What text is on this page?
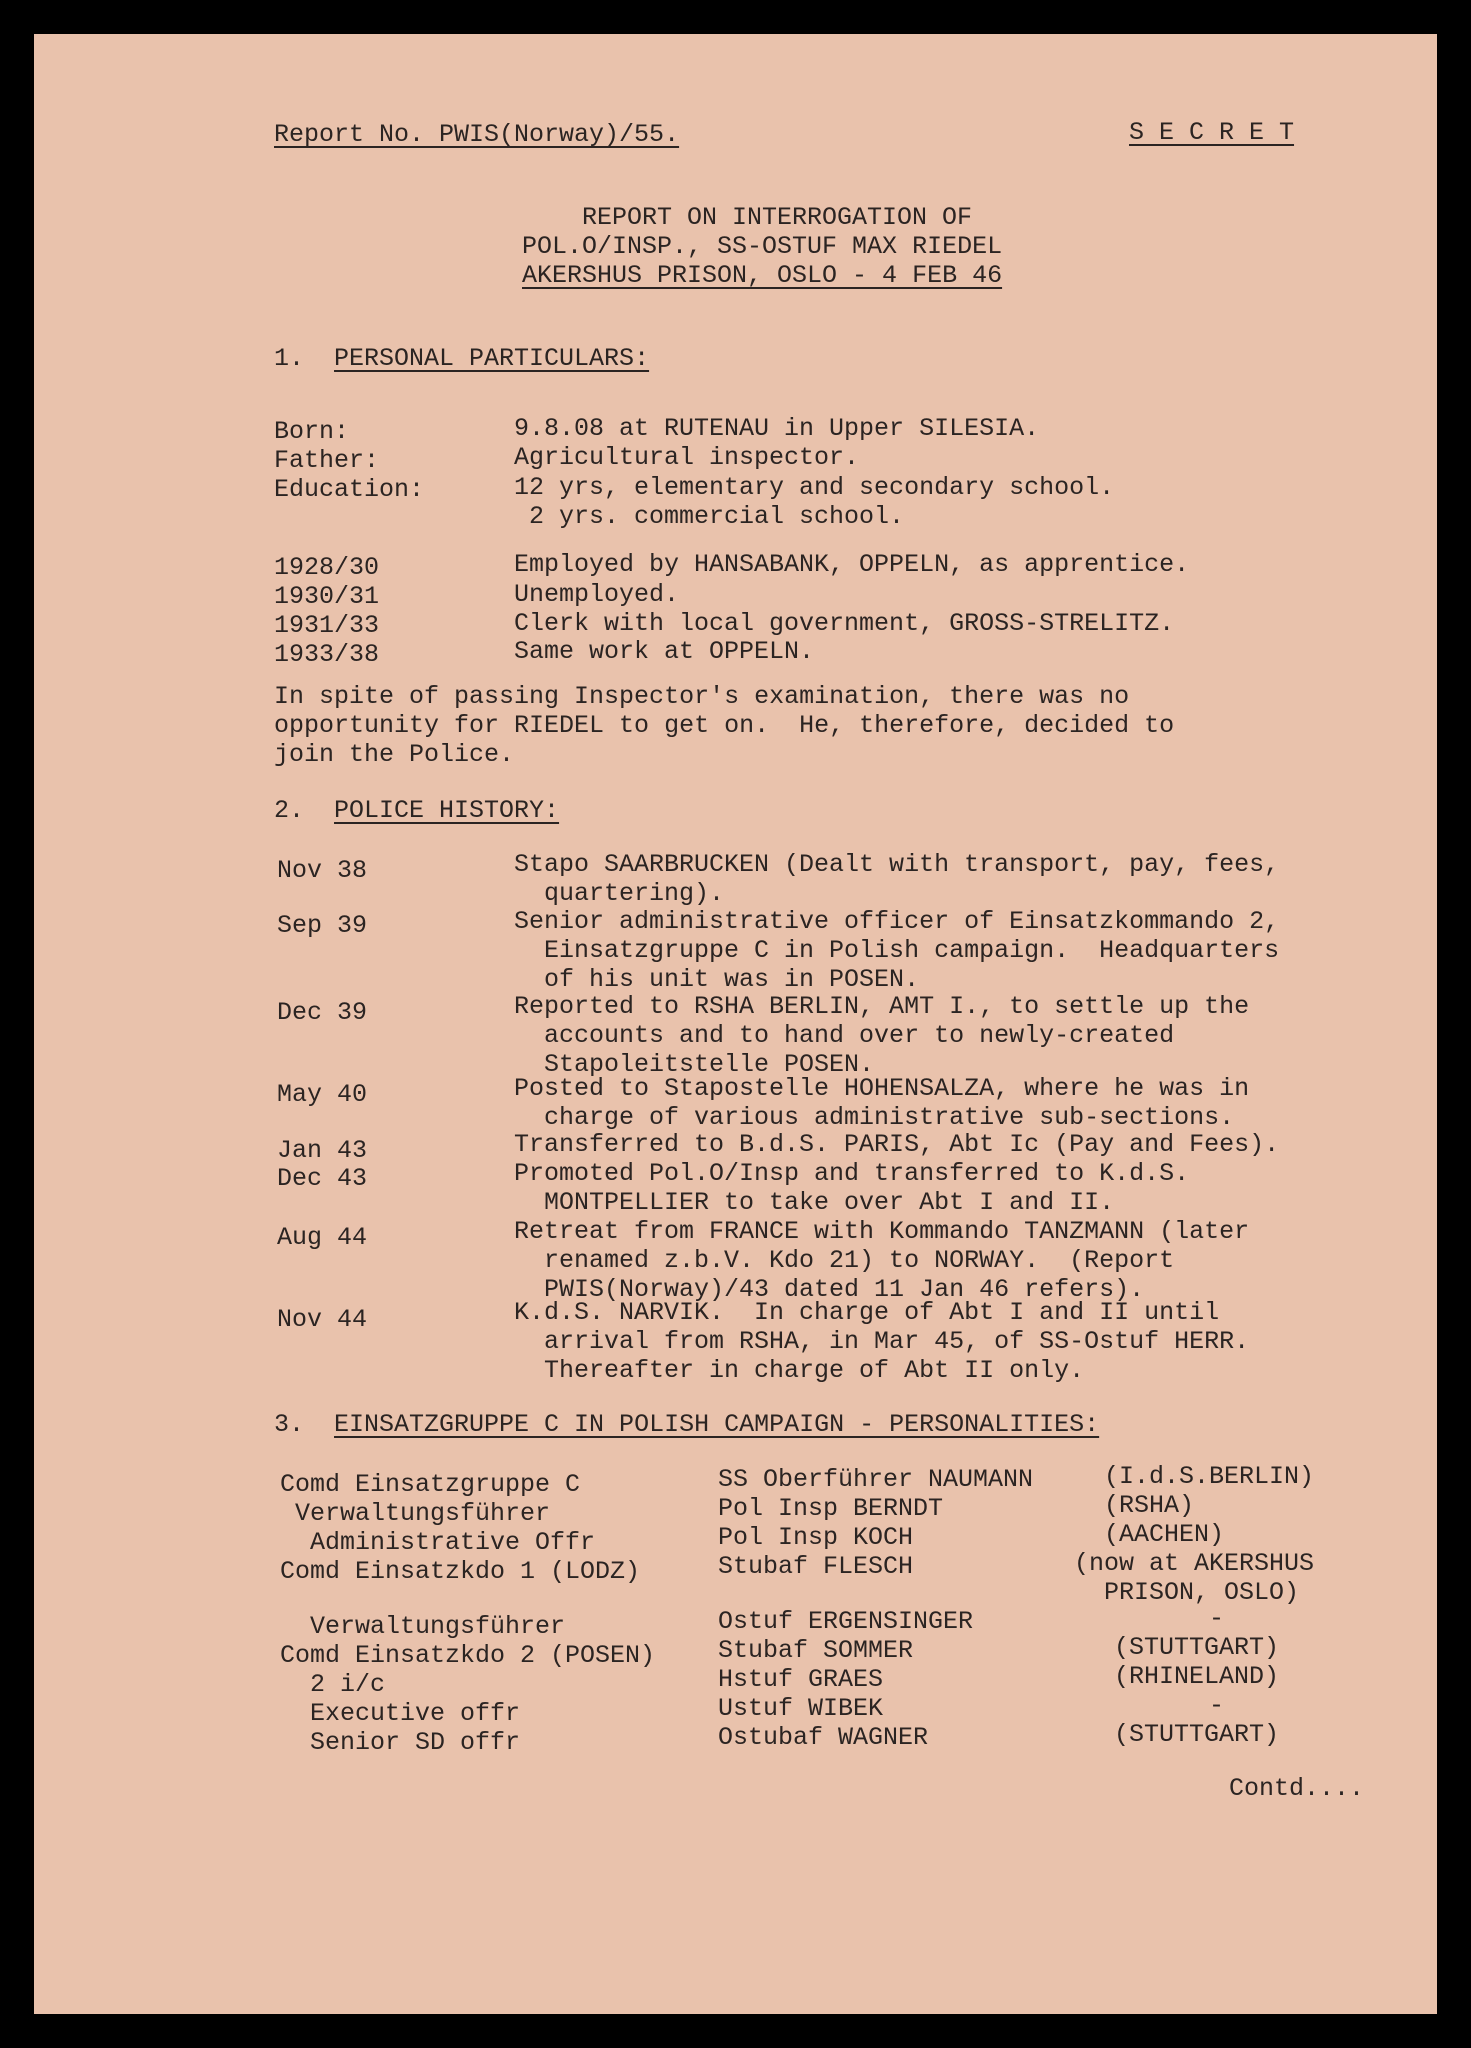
Report No. PWIS(Norway)/55.	S E C R E T
REPORT ON INTERROGATION OF
POL.O/INSP., SS-OSTUF MAX RIEDEL
AKERSHUS PRISON, OSLO - 4 FEB 46
1.  PERSONAL PARTICULARS:
Born:	9.8.08 at RUTENAU in Upper SILESIA.
Father:	Agricultural inspector.
Education:	12 yrs, elementary and secondary school.
2 yrs. commercial school.
1928/30	Employed by HANSABANK, OPPELN, as apprentice.
1930/31	Unemployed.
1931/33	Clerk with local government, GROSS-STRELITZ.
1933/38	Same work at OPPELN.
In spite of passing Inspector's examination, there was no
opportunity for RIEDEL to get on.  He, therefore, decided to
join the Police.
2.  POLICE HISTORY:
Nov 38	Stapo SAARBRUCKEN (Dealt with transport, pay, fees,
quartering).
Sep 39	Senior administrative officer of Einsatzkommando 2,
Einsatzgruppe C in Polish campaign.  Headquarters
of his unit was in POSEN.
Dec 39	Reported to RSHA BERLIN, AMT I., to settle up the
accounts and to hand over to newly-created
Stapoleitstelle POSEN.
May 40	Posted to Stapostelle HOHENSALZA, where he was in
charge of various administrative sub-sections.
Jan 43	Transferred to B.d.S. PARIS, Abt Ic (Pay and Fees).
Dec 43	Promoted Pol.O/Insp and transferred to K.d.S.
MONTPELLIER to take over Abt I and II.
Aug 44	Retreat from FRANCE with Kommando TANZMANN (later
renamed z.b.V. Kdo 21) to NORWAY.  (Report
PWIS(Norway)/43 dated 11 Jan 46 refers).
Nov 44	K.d.S. NARVIK.  In charge of Abt I and II until
arrival from RSHA, in Mar 45, of SS-Ostuf HERR.
Thereafter in charge of Abt II only.
3.  EINSATZGRUPPE C IN POLISH CAMPAIGN - PERSONALITIES:
Comd Einsatzgruppe C	SS Oberführer NAUMANN	(I.d.S.BERLIN)
Verwaltungsführer	Pol Insp BERNDT	(RSHA)
Administrative Offr	Pol Insp KOCH	(AACHEN)
Comd Einsatzkdo 1 (LODZ)	Stubaf FLESCH	(now at AKERSHUS
PRISON, OSLO)
Verwaltungsführer	Ostuf ERGENSINGER	-
Comd Einsatzkdo 2 (POSEN)	Stubaf SOMMER	(STUTTGART)
2 i/c	Hstuf GRAES	(RHINELAND)
Executive offr	Ustuf WIBEK	-
Senior SD offr	Ostubaf WAGNER	(STUTTGART)
Contd....
